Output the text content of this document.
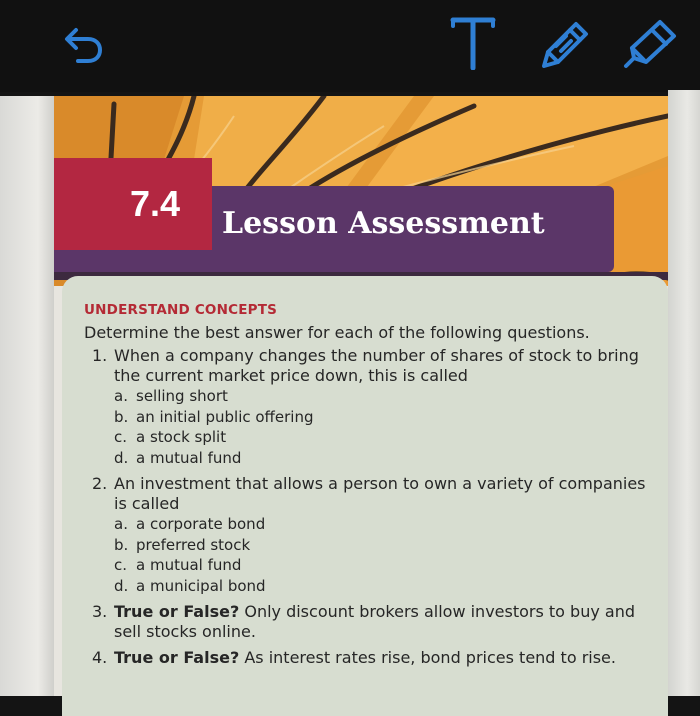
7.4 Lesson Assessment
UNDERSTAND CONCEPTS
Determine the best answer for each of the following questions.
1. When a company changes the number of shares of stock to bring the current market price down, this is called
a. selling short
b. an initial public offering
c. a stock split
d. a mutual fund
2. An investment that allows a person to own a variety of companies is called
a. a corporate bond
b. preferred stock
c. a mutual fund
d. a municipal bond
3. True or False? Only discount brokers allow investors to buy and sell stocks online.
4. True or False? As interest rates rise, bond prices tend to rise.
